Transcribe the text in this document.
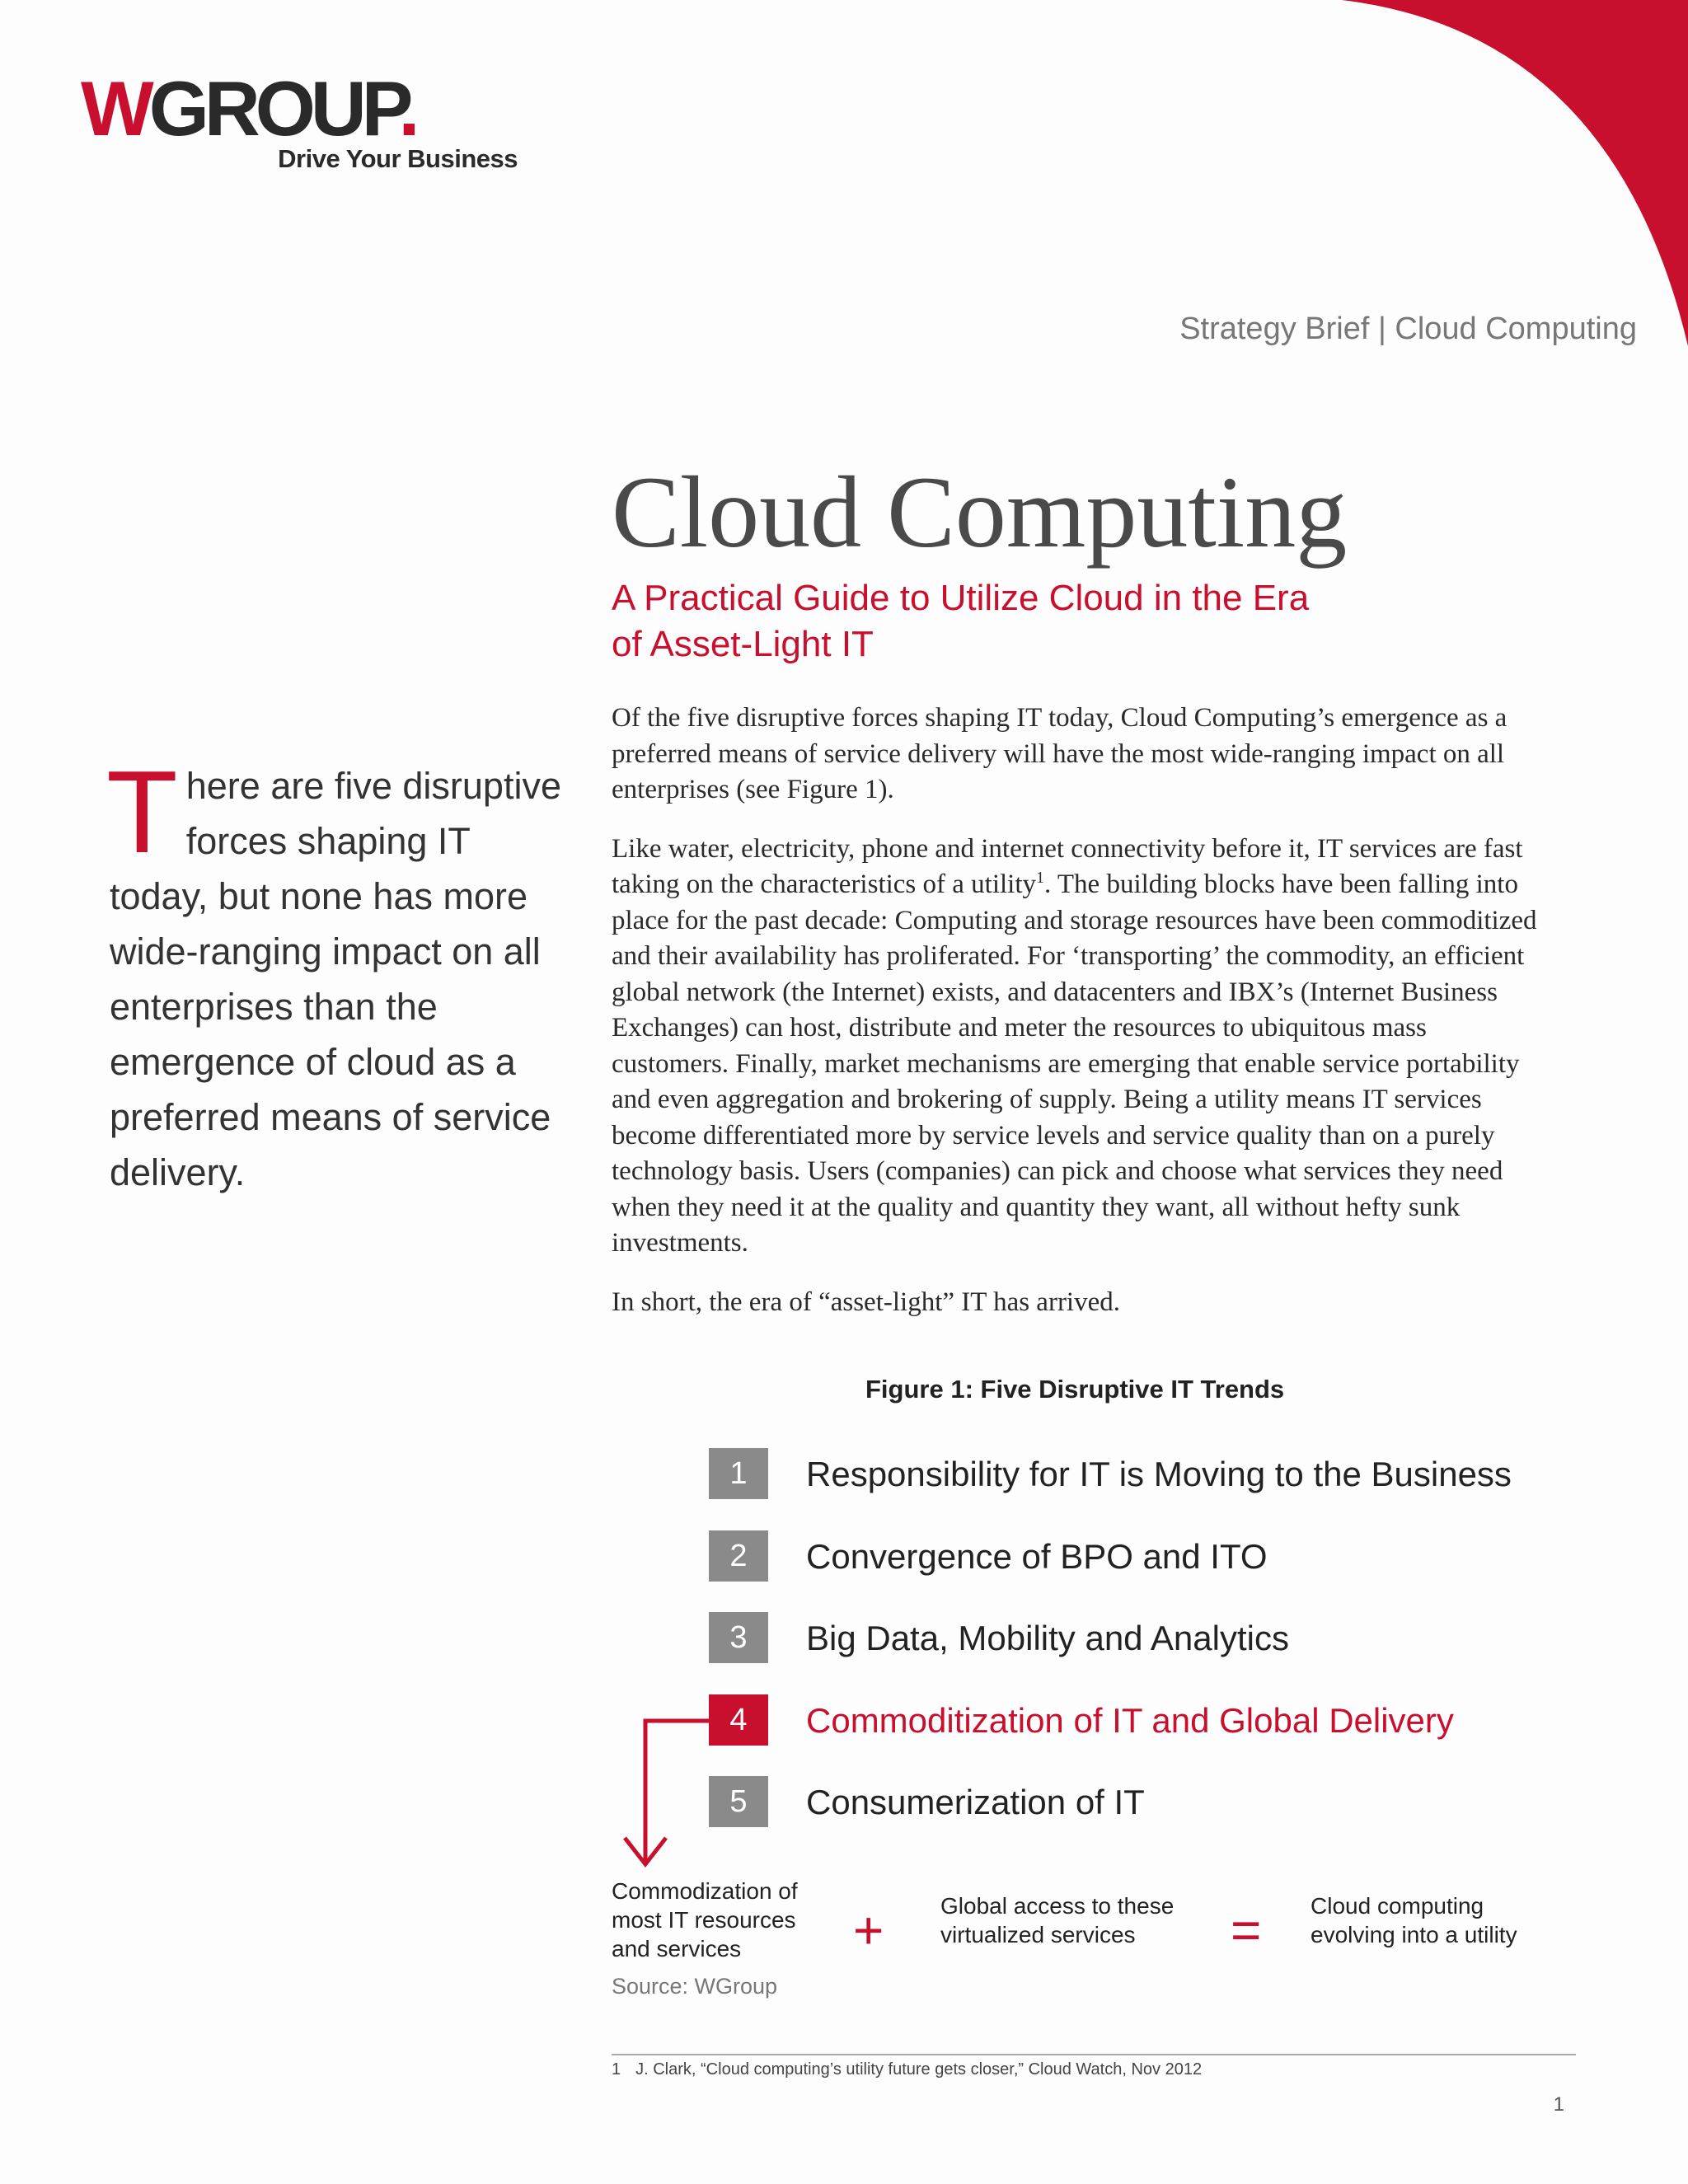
WGROUP.
Drive Your Business
Strategy Brief | Cloud Computing
Cloud Computing
A Practical Guide to Utilize Cloud in the Era
of Asset-Light IT
There are five disruptive forces shaping IT today, but none has more wide-ranging impact on all enterprises than the emergence of cloud as a preferred means of service delivery.

Of the five disruptive forces shaping IT today, Cloud Computing’s emergence as a preferred means of service delivery will have the most wide-ranging impact on all enterprises (see Figure 1).

Like water, electricity, phone and internet connectivity before it, IT services are fast taking on the characteristics of a utility$^1$. The building blocks have been falling into place for the past decade: Computing and storage resources have been commoditized and their availability has proliferated. For ‘transporting’ the commodity, an efficient global network (the Internet) exists, and datacenters and IBX’s (Internet Business Exchanges) can host, distribute and meter the resources to ubiquitous mass customers. Finally, market mechanisms are emerging that enable service portability and even aggregation and brokering of supply. Being a utility means IT services become differentiated more by service levels and service quality than on a purely technology basis. Users (companies) can pick and choose what services they need when they need it at the quality and quantity they want, all without hefty sunk investments.

In short, the era of “asset-light” IT has arrived.

Figure 1: Five Disruptive IT Trends
1	Responsibility for IT is Moving to the Business
2	Convergence of BPO and ITO
3	Big Data, Mobility and Analytics
4	Commoditization of IT and Global Delivery
5	Consumerization of IT
Commodization of most IT resources and services	+ Global access to these virtualized services	= Cloud computing evolving into a utility
Source: WGroup
1 J. Clark, “Cloud computing’s utility future gets closer,” Cloud Watch, Nov 2012
1
